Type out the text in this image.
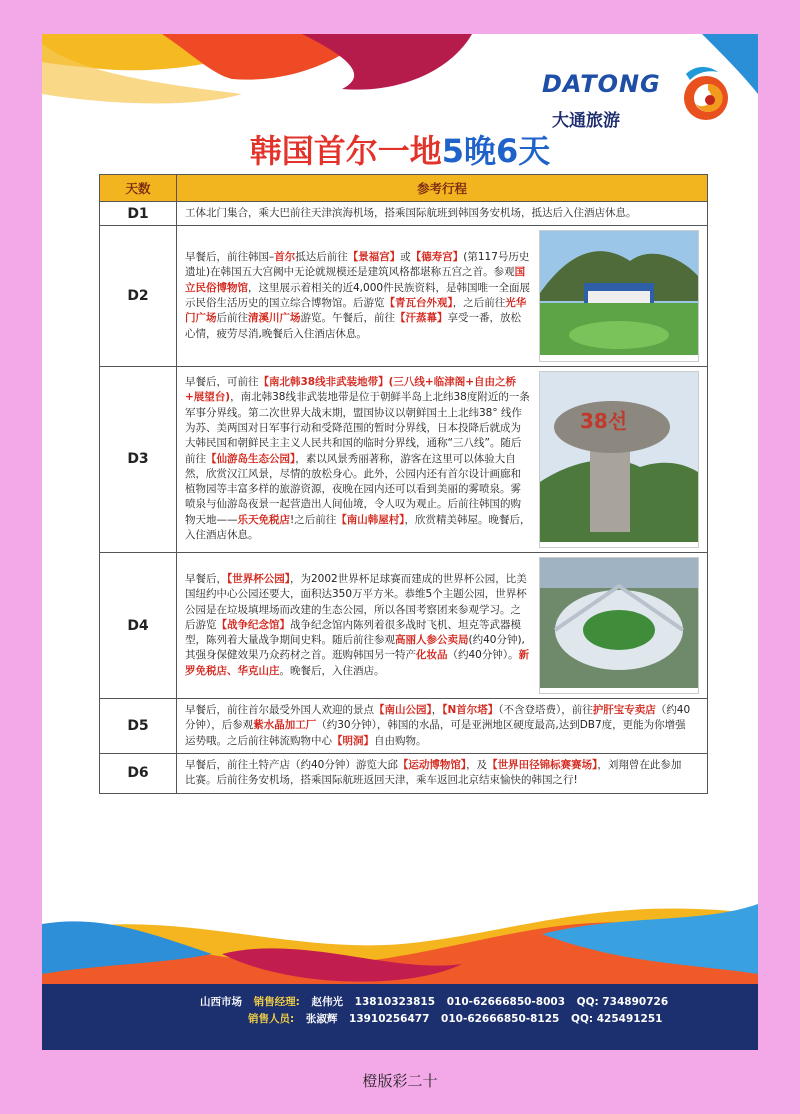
DATONG
大通旅游
韩国首尔一地5晚6天
天数	参考行程
D1	工体北门集合，乘大巴前往天津滨海机场，搭乘国际航班到韩国务安机场，抵达后入住酒店休息。

D2	早餐后，前往韩国–首尔抵达后前往【景福宫】或【德寿宫】(第117号历史遗址)在韩国五大宫阙中无论就规模还是建筑风格都堪称五宫之首。参观国立民俗博物馆，这里展示着相关的近4,000件民族资料，是韩国唯一全面展示民俗生活历史的国立综合博物馆。后游览【青瓦台外观】，之后前往光华门广场后前往清溪川广场游览。午餐后，前往【汗蒸幕】享受一番，放松心情，疲劳尽消,晚餐后入住酒店休息。

D3	早餐后，可前往【南北韩38线非武装地带】(三八线+临津阁+自由之桥+展望台)，南北韩38线非武装地带是位于朝鲜半岛上北纬38度附近的一条军事分界线。第二次世界大战末期，盟国协议以朝鲜国土上北纬38° 线作为苏、美两国对日军事行动和受降范围的暂时分界线，日本投降后就成为大韩民国和朝鲜民主主义人民共和国的临时分界线，通称“三八线”。随后前往【仙游岛生态公园】，素以风景秀丽著称，游客在这里可以体验大自然，欣赏汉江风景，尽情的放松身心。此外，公园内还有首尔设计画廊和植物园等丰富多样的旅游资源，夜晚在园内还可以看到美丽的雾喷泉。雾喷泉与仙游岛夜景一起营造出人间仙境，令人叹为观止。后前往韩国的购物天地——乐天免税店!之后前往【南山韩屋村】，欣赏精美韩屋。晚餐后，入住酒店休息。
38선

D4	早餐后，【世界杯公园】，为2002世界杯足球赛而建成的世界杯公园，比美国纽约中心公园还要大，面积达350万平方米。恭维5个主题公园，世界杯公园是在垃圾填埋场而改建的生态公园，所以各国考察团来参观学习。之后游览【战争纪念馆】战争纪念馆内陈列着很多战时飞机、坦克等武器模型，陈列着大量战争期间史料。随后前往参观高丽人参公卖局(约40分钟),其强身保健效果乃众药材之首。逛购韩国另一特产化妆品（约40分钟）。新罗免税店、华克山庄。晚餐后，入住酒店。

D5	早餐后，前往首尔最受外国人欢迎的景点【南山公园】，【N首尔塔】（不含登塔费），前往护肝宝专卖店（约40分钟），后参观紫水晶加工厂（约30分钟），韩国的水晶，可是亚洲地区硬度最高,达到DB7度，更能为你增强运势哦。之后前往韩流购物中心【明洞】自由购物。

D6	早餐后，前往土特产店（约40分钟）游览大邱【运动博物馆】，及【世界田径锦标赛赛场】，刘翔曾在此参加比赛。后前往务安机场，搭乘国际航班返回天津，乘车返回北京结束愉快的韩国之行!
山西市场 销售经理: 赵伟光 13810323815 010-62666850-8003 QQ: 734890726
销售人员: 张淑辉 13910256477 010-62666850-8125 QQ: 425491251
橙版彩二十
